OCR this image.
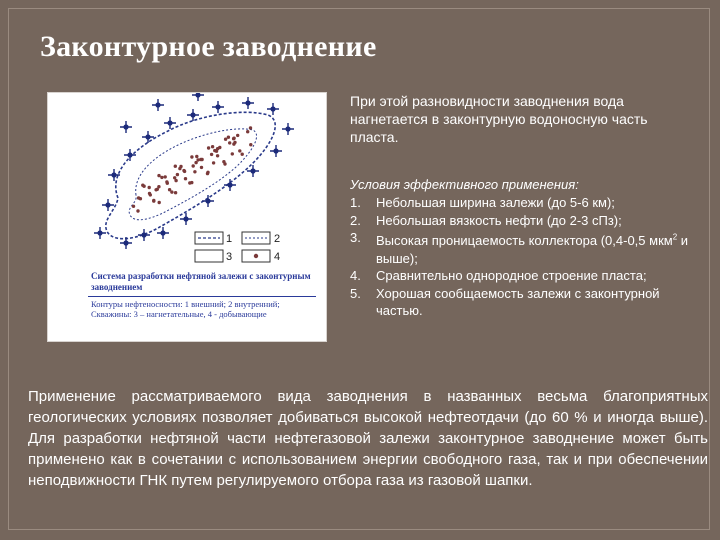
Законтурное заводнение
1	2
3	4
Система разработки нефтяной залежи с законтурным заводнением
Контуры нефтеносности: 1 внешний; 2 внутренний;
Скважины: 3 – нагнетательные, 4 - добывающие
При этой разновидности заводнения вода нагнетается в законтурную водоносную часть пласта.
Условия эффективного применения:
1. Небольшая ширина залежи (до 5-6 км);
2. Небольшая вязкость нефти (до 2-3 сПз);
3. Высокая проницаемость коллектора (0,4-0,5 мкм$^2$ и выше);
4. Сравнительно однородное строение пласта;
5. Хорошая сообщаемость залежи с законтурной частью.
Применение рассматриваемого вида заводнения в названных весьма благоприятных геологических условиях позволяет добиваться высокой нефтеотдачи (до 60 % и иногда выше). Для разработки нефтяной части нефтегазовой залежи законтурное заводнение может быть применено как в сочетании с использованием энергии свободного газа, так и при обеспечении неподвижности ГНК путем регулируемого отбора газа из газовой шапки.
